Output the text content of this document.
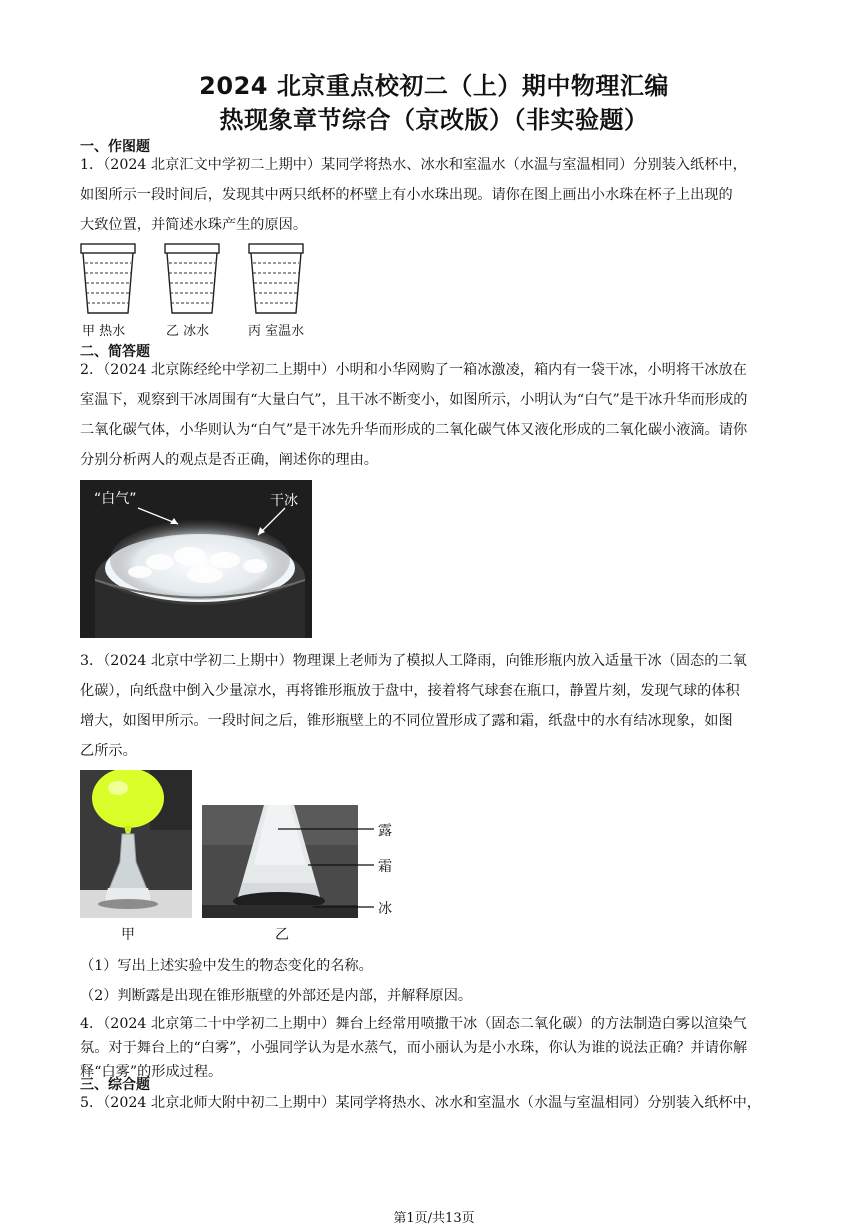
2024 北京重点校初二（上）期中物理汇编
热现象章节综合（京改版）（非实验题）
一、作图题
1．（2024 北京汇文中学初二上期中）某同学将热水、冰水和室温水（水温与室温相同）分别装入纸杯中，
如图所示一段时间后，发现其中两只纸杯的杯壁上有小水珠出现。请你在图上画出小水珠在杯子上出现的
大致位置，并简述水珠产生的原因。
甲 热水	乙 冰水	丙 室温水
二、简答题
2．（2024 北京陈经纶中学初二上期中）小明和小华网购了一箱冰激凌，箱内有一袋干冰，小明将干冰放在
室温下，观察到干冰周围有“大量白气”，且干冰不断变小，如图所示，小明认为“白气”是干冰升华而形成的
二氧化碳气体，小华则认为“白气”是干冰先升华而形成的二氧化碳气体又液化形成的二氧化碳小液滴。请你
分别分析两人的观点是否正确，阐述你的理由。
“白气”	干冰
3．（2024 北京中学初二上期中）物理课上老师为了模拟人工降雨，向锥形瓶内放入适量干冰（固态的二氧
化碳），向纸盘中倒入少量凉水，再将锥形瓶放于盘中，接着将气球套在瓶口，静置片刻，发现气球的体积
增大，如图甲所示。一段时间之后，锥形瓶壁上的不同位置形成了露和霜，纸盘中的水有结冰现象，如图
乙所示。
甲
露
霜
冰
乙
（1）写出上述实验中发生的物态变化的名称。
（2）判断露是出现在锥形瓶壁的外部还是内部，并解释原因。
4．（2024 北京第二十中学初二上期中）舞台上经常用喷撒干冰（固态二氧化碳）的方法制造白雾以渲染气
氛。对于舞台上的“白雾”，小强同学认为是水蒸气，而小丽认为是小水珠，你认为谁的说法正确？并请你解
释“白雾”的形成过程。
三、综合题
5．（2024 北京北师大附中初二上期中）某同学将热水、冰水和室温水（水温与室温相同）分别装入纸杯中，
第1页/共13页
